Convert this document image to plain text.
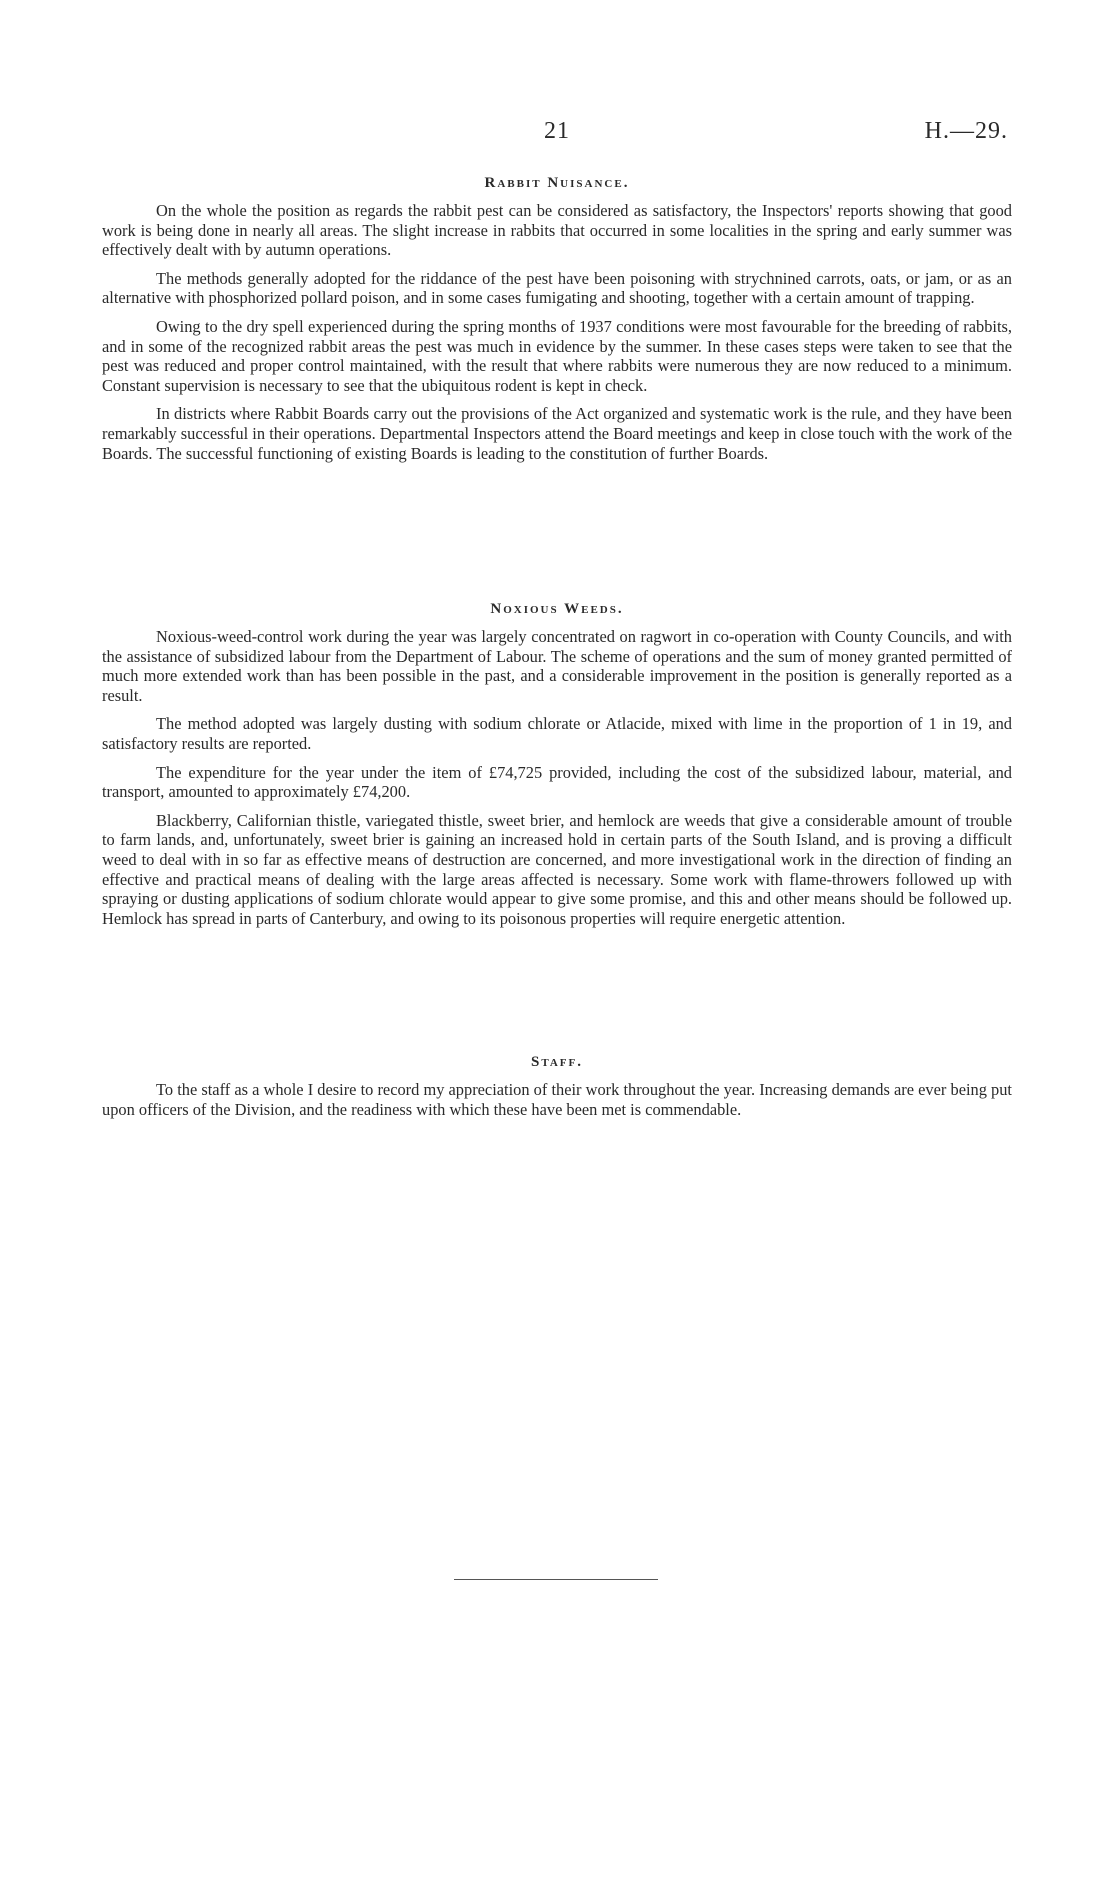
21	H.—29.
Rabbit Nuisance.

On the whole the position as regards the rabbit pest can be considered as satisfactory, the Inspectors' reports showing that good work is being done in nearly all areas. The slight increase in rabbits that occurred in some localities in the spring and early summer was effectively dealt with by autumn operations.

The methods generally adopted for the riddance of the pest have been poisoning with strychnined carrots, oats, or jam, or as an alternative with phosphorized pollard poison, and in some cases fumigating and shooting, together with a certain amount of trapping.

Owing to the dry spell experienced during the spring months of 1937 conditions were most favourable for the breeding of rabbits, and in some of the recognized rabbit areas the pest was much in evidence by the summer. In these cases steps were taken to see that the pest was reduced and proper control maintained, with the result that where rabbits were numerous they are now reduced to a minimum. Constant supervision is necessary to see that the ubiquitous rodent is kept in check.

In districts where Rabbit Boards carry out the provisions of the Act organized and systematic work is the rule, and they have been remarkably successful in their operations. Departmental Inspectors attend the Board meetings and keep in close touch with the work of the Boards. The successful functioning of existing Boards is leading to the constitution of further Boards.

Noxious Weeds.

Noxious-weed-control work during the year was largely concentrated on ragwort in co-operation with County Councils, and with the assistance of subsidized labour from the Department of Labour. The scheme of operations and the sum of money granted permitted of much more extended work than has been possible in the past, and a considerable improvement in the position is generally reported as a result.

The method adopted was largely dusting with sodium chlorate or Atlacide, mixed with lime in the proportion of 1 in 19, and satisfactory results are reported.

The expenditure for the year under the item of £74,725 provided, including the cost of the subsidized labour, material, and transport, amounted to approximately £74,200.

Blackberry, Californian thistle, variegated thistle, sweet brier, and hemlock are weeds that give a considerable amount of trouble to farm lands, and, unfortunately, sweet brier is gaining an increased hold in certain parts of the South Island, and is proving a difficult weed to deal with in so far as effective means of destruction are concerned, and more investigational work in the direction of finding an effective and practical means of dealing with the large areas affected is necessary. Some work with flame-throwers followed up with spraying or dusting applications of sodium chlorate would appear to give some promise, and this and other means should be followed up. Hemlock has spread in parts of Canterbury, and owing to its poisonous properties will require energetic attention.

Staff.

To the staff as a whole I desire to record my appreciation of their work throughout the year. Increasing demands are ever being put upon officers of the Division, and the readiness with which these have been met is commendable.
